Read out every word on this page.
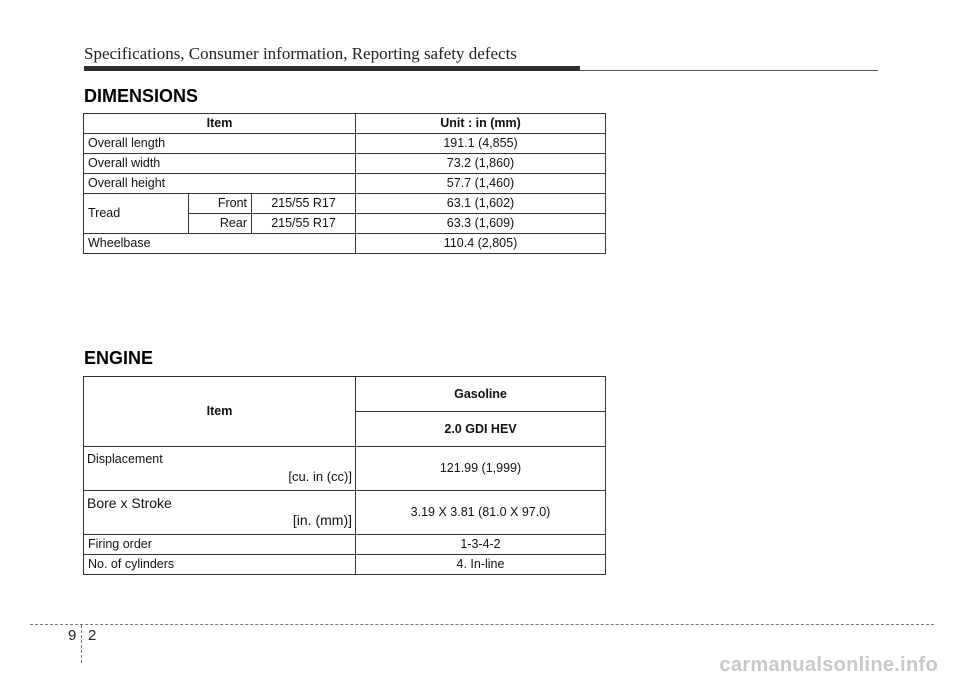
Specifications, Consumer information, Reporting safety defects
DIMENSIONS
Item			Unit : in (mm)
Overall length			191.1 (4,855)
Overall width			73.2 (1,860)
Overall height			57.7 (1,460)
Tread	Front	215/55 R17	63.1 (1,602)
	Rear	215/55 R17	63.3 (1,609)
Wheelbase			110.4 (2,805)
ENGINE
Item	Gasoline
	2.0 GDI HEV

Displacement
[cu. in (cc)]	121.99 (1,999)

Bore x Stroke
[in. (mm)]	3.19 X 3.81 (81.0 X 97.0)
Firing order	1-3-4-2
No. of cylinders	4. In-line
9 2
carmanualsonline.info
